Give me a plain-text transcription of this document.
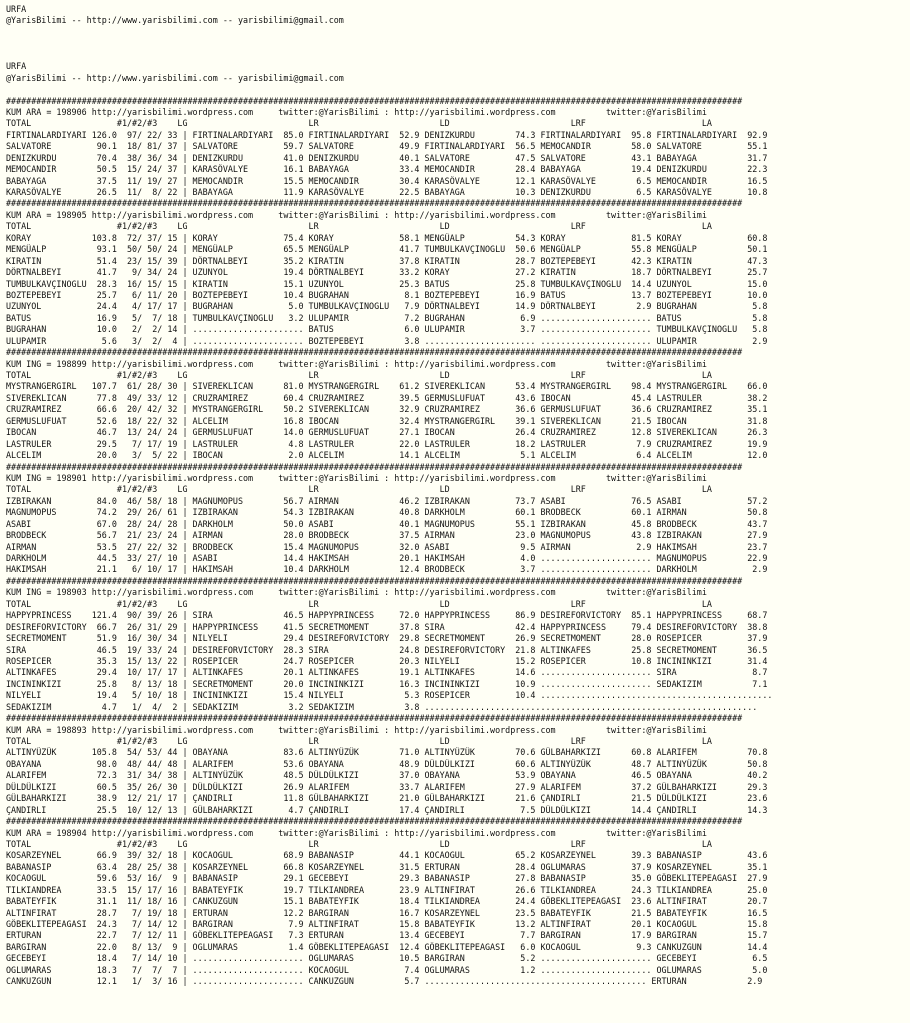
URFA
@YarisBilimi -- http://www.yarisbilimi.com -- yarisbilimi@gmail.com
URFA
@YarisBilimi -- http://www.yarisbilimi.com -- yarisbilimi@gmail.com
##################################################################################################################################################
KUM ARA = 198906 http://yarisbilimi.wordpress.com     twitter:@YarisBilimi : http://yarisbilimi.wordpress.com          twitter:@YarisBilimi
TOTAL                 #1/#2/#3    LG                        LR                        LD                        LRF                       LA
FIRTINALARDIYARI 126.0  97/ 22/ 33 | FIRTINALARDIYARI  85.0 FIRTINALARDIYARI  52.9 DENIZKURDU        74.3 FIRTINALARDIYARI  95.8 FIRTINALARDIYARI  92.9
SALVATORE         90.1  18/ 81/ 37 | SALVATORE         59.7 SALVATORE         49.9 FIRTINALARDIYARI  56.5 MEMOCANDIR        58.0 SALVATORE         55.1
DENIZKURDU        70.4  38/ 36/ 34 | DENIZKURDU        41.0 DENIZKURDU        40.1 SALVATORE         47.5 SALVATORE         43.1 BABAYAGA          31.7
MEMOCANDIR        50.5  15/ 24/ 37 | KARASÖVALYE       16.1 BABAYAGA          33.4 MEMOCANDIR        28.4 BABAYAGA          19.4 DENIZKURDU        22.3
BABAYAGA          37.5  11/ 19/ 27 | MEMOCANDIR        15.5 MEMOCANDIR        30.4 KARASÖVALYE       12.1 KARASÖVALYE        6.5 MEMOCANDIR        16.5
KARASÖVALYE       26.5  11/  8/ 22 | BABAYAGA          11.9 KARASÖVALYE       22.5 BABAYAGA          10.3 DENIZKURDU         6.5 KARASÖVALYE       10.8
##################################################################################################################################################
KUM ARA = 198905 http://yarisbilimi.wordpress.com     twitter:@YarisBilimi : http://yarisbilimi.wordpress.com          twitter:@YarisBilimi
TOTAL                 #1/#2/#3    LG                        LR                        LD                        LRF                       LA
KORAY            103.8  72/ 37/ 15 | KORAY             75.4 KORAY             58.1 MENGÜALP          54.3 KORAY             81.5 KORAY             60.8
MENGÜALP          93.1  50/ 50/ 24 | MENGÜALP          65.5 MENGÜALP          41.7 TUMBULKAVÇINOGLU  50.6 MENGÜALP          55.8 MENGÜALP          50.1
KIRATIN           51.4  23/ 15/ 39 | DÖRTNALBEYI       35.2 KIRATIN           37.8 KIRATIN           28.7 BOZTEPEBEYI       42.3 KIRATIN           47.3
DÖRTNALBEYI       41.7   9/ 34/ 24 | UZUNYOL           19.4 DÖRTNALBEYI       33.2 KORAY             27.2 KIRATIN           18.7 DÖRTNALBEYI       25.7
TUMBULKAVÇINOGLU  28.3  16/ 15/ 15 | KIRATIN           15.1 UZUNYOL           25.3 BATUS             25.8 TUMBULKAVÇINOGLU  14.4 UZUNYOL           15.0
BOZTEPEBEYI       25.7   6/ 11/ 20 | BOZTEPEBEYI       10.4 BUGRAHAN           8.1 BOZTEPEBEYI       16.9 BATUS             13.7 BOZTEPEBEYI       10.0
UZUNYOL           24.4   4/ 17/ 17 | BUGRAHAN           5.0 TUMBULKAVÇINOGLU   7.9 DÖRTNALBEYI       14.9 DÖRTNALBEYI        2.9 BUGRAHAN           5.8
BATUS             16.9   5/  7/ 18 | TUMBULKAVÇINOGLU   3.2 ULUPAMIR           7.2 BUGRAHAN           6.9 ...................... BATUS              5.8
BUGRAHAN          10.0   2/  2/ 14 | ...................... BATUS              6.0 ULUPAMIR           3.7 ...................... TUMBULKAVÇINOGLU   5.8
ULUPAMIR           5.6   3/  2/  4 | ...................... BOZTEPEBEYI        3.8 ...................... ...................... ULUPAMIR           2.9
##################################################################################################################################################
KUM ING = 198899 http://yarisbilimi.wordpress.com     twitter:@YarisBilimi : http://yarisbilimi.wordpress.com          twitter:@YarisBilimi
TOTAL                 #1/#2/#3    LG                        LR                        LD                        LRF                       LA
MYSTRANGERGIRL   107.7  61/ 28/ 30 | SIVEREKLICAN      81.0 MYSTRANGERGIRL    61.2 SIVEREKLICAN      53.4 MYSTRANGERGIRL    98.4 MYSTRANGERGIRL    66.0
SIVEREKLICAN      77.8  49/ 33/ 12 | CRUZRAMIREZ       60.4 CRUZRAMIREZ       39.5 GERMUSLUFUAT      43.6 IBOCAN            45.4 LASTRULER         38.2
CRUZRAMIREZ       66.6  20/ 42/ 32 | MYSTRANGERGIRL    50.2 SIVEREKLICAN      32.9 CRUZRAMIREZ       36.6 GERMUSLUFUAT      36.6 CRUZRAMIREZ       35.1
GERMUSLUFUAT      52.6  18/ 22/ 32 | ALCELIM           16.8 IBOCAN            32.4 MYSTRANGERGIRL    39.1 SIVEREKLICAN      21.5 IBOCAN            31.8
IBOCAN            46.7  13/ 24/ 24 | GERMUSLUFUAT      14.0 GERMUSLUFUAT      27.1 IBOCAN            26.4 CRUZRAMIREZ       12.8 SIVEREKLICAN      26.3
LASTRULER         29.5   7/ 17/ 19 | LASTRULER          4.8 LASTRULER         22.0 LASTRULER         18.2 LASTRULER          7.9 CRUZRAMIREZ       19.9
ALCELIM           20.0   3/  5/ 22 | IBOCAN             2.0 ALCELIM           14.1 ALCELIM            5.1 ALCELIM            6.4 ALCELIM           12.0
##################################################################################################################################################
KUM ING = 198901 http://yarisbilimi.wordpress.com     twitter:@YarisBilimi : http://yarisbilimi.wordpress.com          twitter:@YarisBilimi
TOTAL                 #1/#2/#3    LG                        LR                        LD                        LRF                       LA
IZBIRAKAN         84.0  46/ 58/ 18 | MAGNUMOPUS        56.7 AIRMAN            46.2 IZBIRAKAN         73.7 ASABI             76.5 ASABI             57.2
MAGNUMOPUS        74.2  29/ 26/ 61 | IZBIRAKAN         54.3 IZBIRAKAN         40.8 DARKHOLM          60.1 BRODBECK          60.1 AIRMAN            50.8
ASABI             67.0  28/ 24/ 28 | DARKHOLM          50.0 ASABI             40.1 MAGNUMOPUS        55.1 IZBIRAKAN         45.8 BRODBECK          43.7
BRODBECK          56.7  21/ 23/ 24 | AIRMAN            28.0 BRODBECK          37.5 AIRMAN            23.0 MAGNUMOPUS        43.8 IZBIRAKAN         27.9
AIRMAN            53.5  27/ 22/ 32 | BRODBECK          15.4 MAGNUMOPUS        32.0 ASABI              9.5 AIRMAN             2.9 HAKIMSAH          23.7
DARKHOLM          44.5  33/ 27/ 10 | ASABI             14.4 HAKIMSAH          20.1 HAKIMSAH           4.0 ...................... MAGNUMOPUS        22.9
HAKIMSAH          21.1   6/ 10/ 17 | HAKIMSAH          10.4 DARKHOLM          12.4 BRODBECK           3.7 ...................... DARKHOLM           2.9
##################################################################################################################################################
KUM ING = 198903 http://yarisbilimi.wordpress.com     twitter:@YarisBilimi : http://yarisbilimi.wordpress.com          twitter:@YarisBilimi
TOTAL                 #1/#2/#3    LG                        LR                        LD                        LRF                       LA
HAPPYPRINCESS    121.4  90/ 39/ 26 | SIRA              46.5 HAPPYPRINCESS     72.0 HAPPYPRINCESS     86.9 DESIREFORVICTORY  85.1 HAPPYPRINCESS     68.7
DESIREFORVICTORY  66.7  26/ 31/ 29 | HAPPYPRINCESS     41.5 SECRETMOMENT      37.8 SIRA              42.4 HAPPYPRINCESS     79.4 DESIREFORVICTORY  38.8
SECRETMOMENT      51.9  16/ 30/ 34 | NILYELI           29.4 DESIREFORVICTORY  29.8 SECRETMOMENT      26.9 SECRETMOMENT      28.0 ROSEPICER         37.9
SIRA              46.5  19/ 33/ 24 | DESIREFORVICTORY  28.3 SIRA              24.8 DESIREFORVICTORY  21.8 ALTINKAFES        25.8 SECRETMOMENT      36.5
ROSEPICER         35.3  15/ 13/ 22 | ROSEPICER         24.7 ROSEPICER         20.3 NILYELI           15.2 ROSEPICER         10.8 INCININKIZI       31.4
ALTINKAFES        29.4  10/ 17/ 17 | ALTINKAFES        20.1 ALTINKAFES        19.1 ALTINKAFES        14.6 ...................... SIRA               8.7
INCININKIZI       25.8   8/ 13/ 18 | SECRETMOMENT      20.0 INCININKIZI       16.3 INCININKIZI       10.9 ...................... SEDAKIZIM          7.1
NILYELI           19.4   5/ 10/ 18 | INCININKIZI       15.4 NILYELI            5.3 ROSEPICER         10.4 ..............................................
SEDAKIZIM          4.7   1/  4/  2 | SEDAKIZIM          3.2 SEDAKIZIM          3.8 ..................................................................
##################################################################################################################################################
KUM ARA = 198893 http://yarisbilimi.wordpress.com     twitter:@YarisBilimi : http://yarisbilimi.wordpress.com          twitter:@YarisBilimi
TOTAL                 #1/#2/#3    LG                        LR                        LD                        LRF                       LA
ALTINYÜZÜK       105.8  54/ 53/ 44 | OBAYANA           83.6 ALTINYÜZÜK        71.0 ALTINYÜZÜK        70.6 GÜLBAHARKIZI      60.8 ALARIFEM          70.8
OBAYANA           98.0  48/ 44/ 48 | ALARIFEM          53.6 OBAYANA           48.9 DÜLDÜLKIZI        60.6 ALTINYÜZÜK        48.7 ALTINYÜZÜK        50.8
ALARIFEM          72.3  31/ 34/ 38 | ALTINYÜZÜK        48.5 DÜLDÜLKIZI        37.0 OBAYANA           53.9 OBAYANA           46.5 OBAYANA           40.2
DÜLDÜLKIZI        60.5  35/ 26/ 30 | DÜLDÜLKIZI        26.9 ALARIFEM          33.7 ALARIFEM          27.9 ALARIFEM          37.2 GÜLBAHARKIZI      29.3
GÜLBAHARKIZI      38.9  12/ 21/ 17 | ÇANDIRLI          11.8 GÜLBAHARKIZI      21.0 GÜLBAHARKIZI      21.6 ÇANDIRLI          21.5 DÜLDÜLKIZI        23.6
ÇANDIRLI          25.5  10/ 12/ 13 | GÜLBAHARKIZI       4.7 ÇANDIRLI          17.4 ÇANDIRLI           7.5 DÜLDÜLKIZI        14.4 ÇANDIRLI          14.3
##################################################################################################################################################
KUM ARA = 198904 http://yarisbilimi.wordpress.com     twitter:@YarisBilimi : http://yarisbilimi.wordpress.com          twitter:@YarisBilimi
TOTAL                 #1/#2/#3    LG                        LR                        LD                        LRF                       LA
KOSARZEYNEL       66.9  39/ 32/ 18 | KOCAOGUL          68.9 BABANASIP         44.1 KOCAOGUL          65.2 KOSARZEYNEL       39.3 BABANASIP         43.6
BABANASIP         63.4  28/ 25/ 38 | KOSARZEYNEL       66.8 KOSARZEYNEL       31.5 ERTURAN           28.4 OGLUMARAS         37.9 KOSARZEYNEL       35.1
KOCAOGUL          59.6  53/ 16/  9 | BABANASIP         29.1 GECEBEYI          29.3 BABANASIP         27.8 BABANASIP         35.0 GÖBEKLITEPEAGASI  27.9
TILKIANDREA       33.5  15/ 17/ 16 | BABATEYFIK        19.7 TILKIANDREA       23.9 ALTINFIRAT        26.6 TILKIANDREA       24.3 TILKIANDREA       25.0
BABATEYFIK        31.1  11/ 18/ 16 | CANKUZGUN         15.1 BABATEYFIK        18.4 TILKIANDREA       24.4 GÖBEKLITEPEAGASI  23.6 ALTINFIRAT        20.7
ALTINFIRAT        28.7   7/ 19/ 18 | ERTURAN           12.2 BARGIRAN          16.7 KOSARZEYNEL       23.5 BABATEYFIK        21.5 BABATEYFIK        16.5
GÖBEKLITEPEAGASI  24.3   7/ 14/ 12 | BARGIRAN           7.9 ALTINFIRAT        15.8 BABATEYFIK        13.2 ALTINFIRAT        20.1 KOCAOGUL          15.8
ERTURAN           22.7   7/ 12/ 11 | GÖBEKLITEPEAGASI   7.3 ERTURAN           13.4 GECEBEYI           7.7 BARGIRAN          17.9 BARGIRAN          15.7
BARGIRAN          22.0   8/ 13/  9 | OGLUMARAS          1.4 GÖBEKLITEPEAGASI  12.4 GÖBEKLITEPEAGASI   6.0 KOCAOGUL           9.3 CANKUZGUN         14.4
GECEBEYI          18.4   7/ 14/ 10 | ...................... OGLUMARAS         10.5 BARGIRAN           5.2 ...................... GECEBEYI           6.5
OGLUMARAS         18.3   7/  7/  7 | ...................... KOCAOGUL           7.4 OGLUMARAS          1.2 ...................... OGLUMARAS          5.0
CANKUZGUN         12.1   1/  3/ 16 | ...................... CANKUZGUN          5.7 ............................................ ERTURAN            2.9
